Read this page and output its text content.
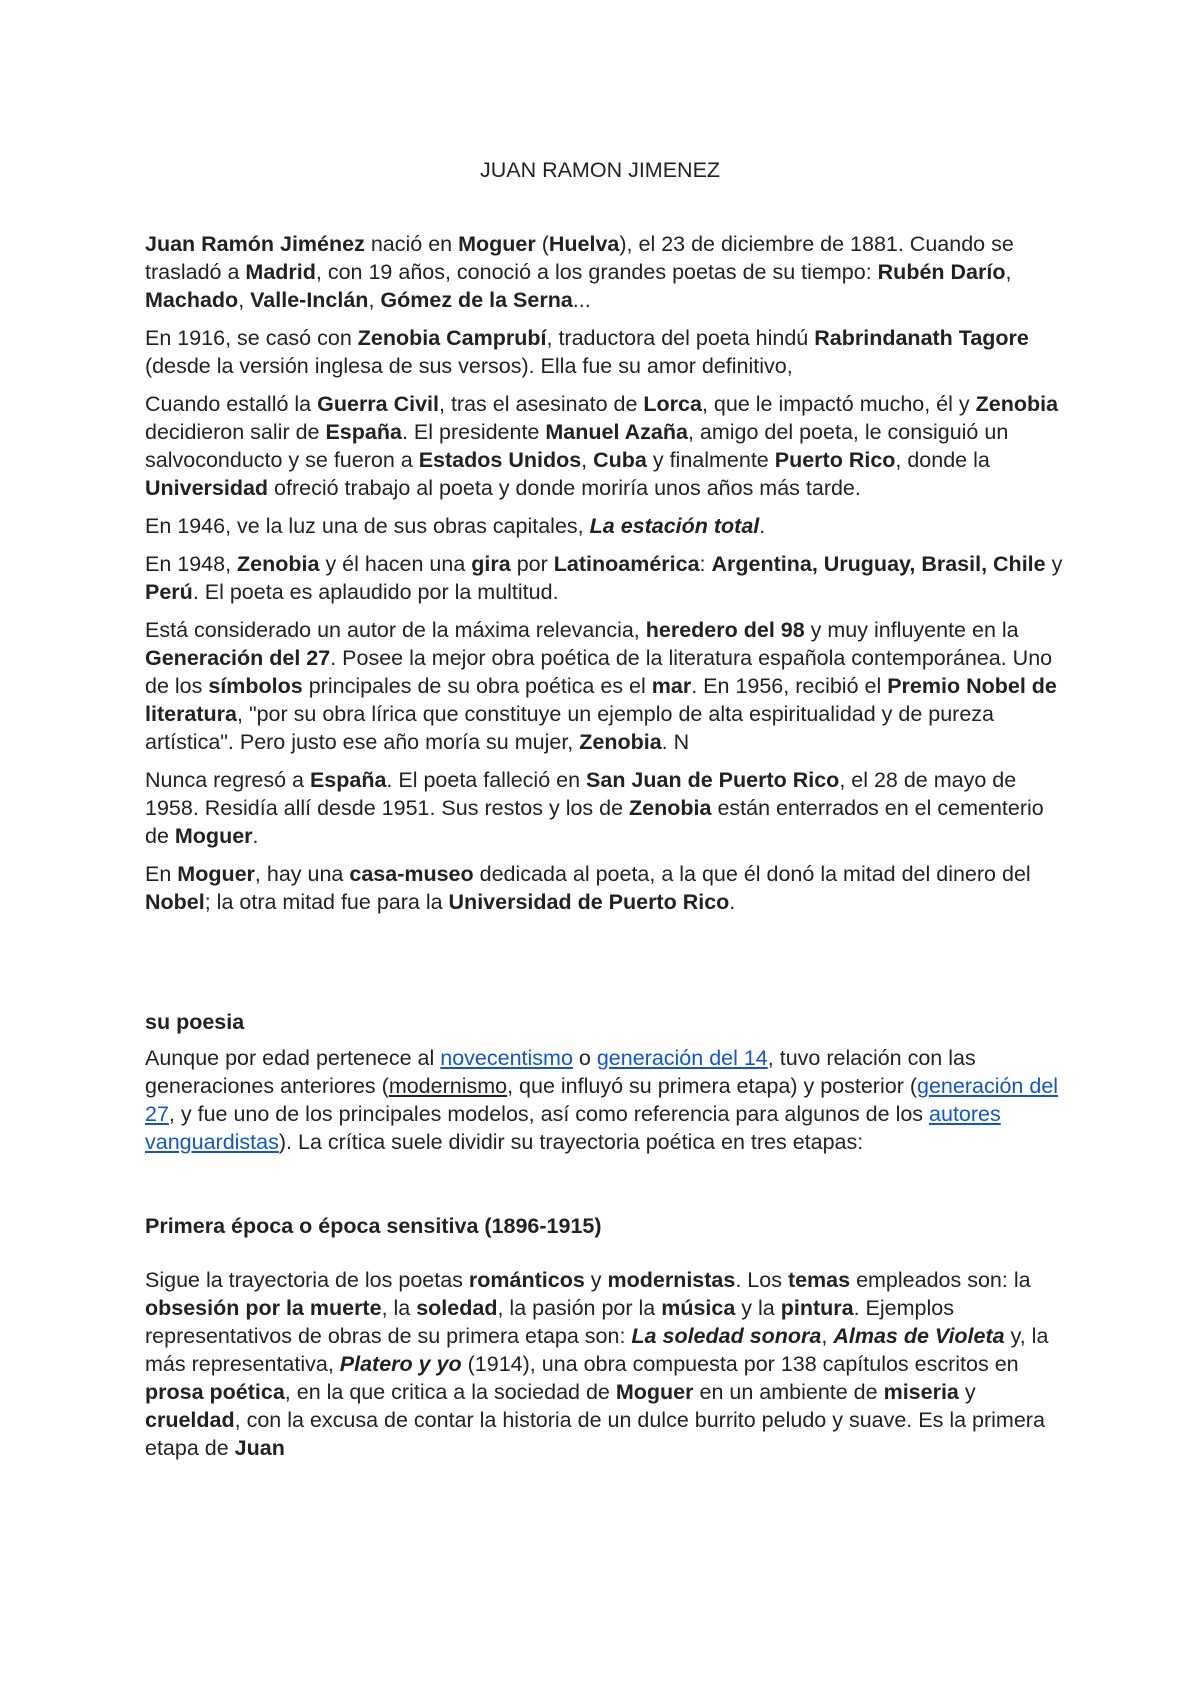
JUAN RAMON JIMENEZ

Juan Ramón Jiménez nació en Moguer (Huelva), el 23 de diciembre de 1881. Cuando se trasladó a Madrid, con 19 años, conoció a los grandes poetas de su tiempo: Rubén Darío, Machado, Valle-Inclán, Gómez de la Serna...

En 1916, se casó con Zenobia Camprubí, traductora del poeta hindú Rabrindanath Tagore (desde la versión inglesa de sus versos). Ella fue su amor definitivo,

Cuando estalló la Guerra Civil, tras el asesinato de Lorca, que le impactó mucho, él y Zenobia decidieron salir de España. El presidente Manuel Azaña, amigo del poeta, le consiguió un salvoconducto y se fueron a Estados Unidos, Cuba y finalmente Puerto Rico, donde la Universidad ofreció trabajo al poeta y donde moriría unos años más tarde.

En 1946, ve la luz una de sus obras capitales, La estación total.

En 1948, Zenobia y él hacen una gira por Latinoamérica: Argentina, Uruguay, Brasil, Chile y Perú. El poeta es aplaudido por la multitud.

Está considerado un autor de la máxima relevancia, heredero del 98 y muy influyente en la Generación del 27. Posee la mejor obra poética de la literatura española contemporánea. Uno de los símbolos principales de su obra poética es el mar. En 1956, recibió el Premio Nobel de literatura, "por su obra lírica que constituye un ejemplo de alta espiritualidad y de pureza artística". Pero justo ese año moría su mujer, Zenobia. N

Nunca regresó a España. El poeta falleció en San Juan de Puerto Rico, el 28 de mayo de 1958. Residía allí desde 1951. Sus restos y los de Zenobia están enterrados en el cementerio de Moguer.

En Moguer, hay una casa-museo dedicada al poeta, a la que él donó la mitad del dinero del Nobel; la otra mitad fue para la Universidad de Puerto Rico.

su poesia

Aunque por edad pertenece al novecentismo o generación del 14, tuvo relación con las generaciones anteriores (modernismo, que influyó su primera etapa) y posterior (generación del 27, y fue uno de los principales modelos, así como referencia para algunos de los autores vanguardistas). La crítica suele dividir su trayectoria poética en tres etapas:

Primera época o época sensitiva (1896-1915)

Sigue la trayectoria de los poetas románticos y modernistas. Los temas empleados son: la obsesión por la muerte, la soledad, la pasión por la música y la pintura. Ejemplos representativos de obras de su primera etapa son: La soledad sonora, Almas de Violeta y, la más representativa, Platero y yo (1914), una obra compuesta por 138 capítulos escritos en prosa poética, en la que critica a la sociedad de Moguer en un ambiente de miseria y crueldad, con la excusa de contar la historia de un dulce burrito peludo y suave. Es la primera etapa de Juan
